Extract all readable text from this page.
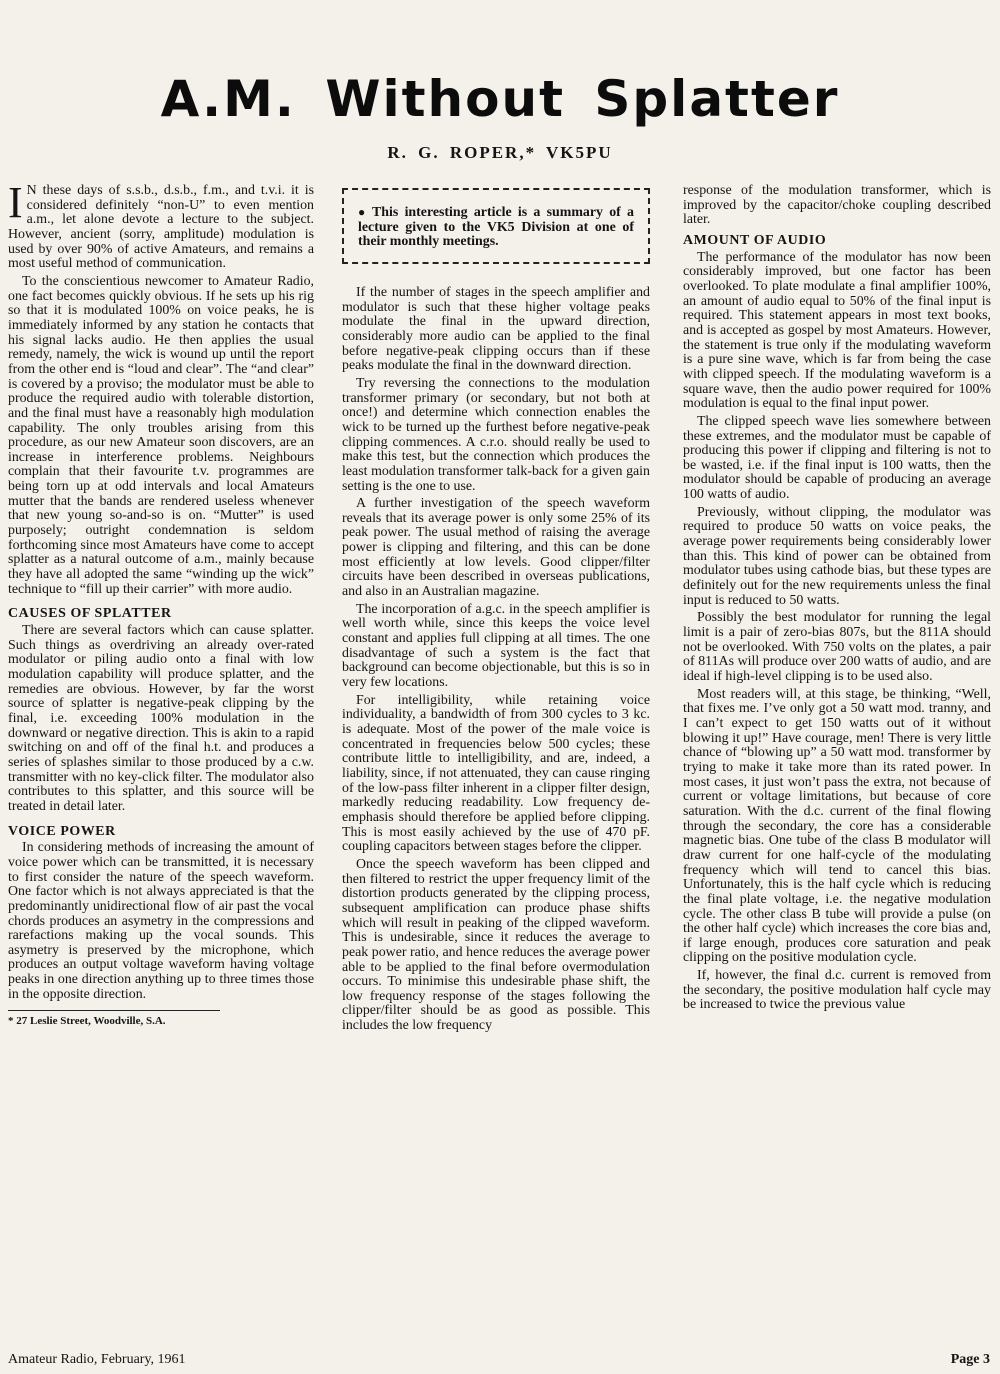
A.M. Without Splatter
R. G. ROPER,* VK5PU

I N these days of s.s.b., d.s.b., f.m., and t.v.i. it is considered definitely “non-U” to even mention a.m., let alone devote a lecture to the subject. However, ancient (sorry, amplitude) modulation is used by over 90% of active Amateurs, and remains a most useful method of communication.

To the conscientious newcomer to Amateur Radio, one fact becomes quickly obvious. If he sets up his rig so that it is modulated 100% on voice peaks, he is immediately informed by any station he contacts that his signal lacks audio. He then applies the usual remedy, namely, the wick is wound up until the report from the other end is “loud and clear”. The “and clear” is covered by a proviso; the modulator must be able to produce the required audio with tolerable distortion, and the final must have a reasonably high modulation capability. The only troubles arising from this procedure, as our new Amateur soon discovers, are an increase in interference problems. Neighbours complain that their favourite t.v. programmes are being torn up at odd intervals and local Amateurs mutter that the bands are rendered useless whenever that new young so-and-so is on. “Mutter” is used purposely; outright condemnation is seldom forthcoming since most Amateurs have come to accept splatter as a natural outcome of a.m., mainly because they have all adopted the same “winding up the wick” technique to “fill up their carrier” with more audio.

CAUSES OF SPLATTER

There are several factors which can cause splatter. Such things as overdriving an already over-rated modulator or piling audio onto a final with low modulation capability will produce splatter, and the remedies are obvious. However, by far the worst source of splatter is negative-peak clipping by the final, i.e. exceeding 100% modulation in the downward or negative direction. This is akin to a rapid switching on and off of the final h.t. and produces a series of splashes similar to those produced by a c.w. transmitter with no key-click filter. The modulator also contributes to this splatter, and this source will be treated in detail later.

VOICE POWER

In considering methods of increasing the amount of voice power which can be transmitted, it is necessary to first consider the nature of the speech waveform. One factor which is not always appreciated is that the predominantly unidirectional flow of air past the vocal chords produces an asymetry in the compressions and rarefactions making up the vocal sounds. This asymetry is preserved by the microphone, which produces an output voltage waveform having voltage peaks in one direction anything up to three times those in the opposite direction.

* 27 Leslie Street, Woodville, S.A.
● This interesting article is a summary of a lecture given to the VK5 Division at one of their monthly meetings.

If the number of stages in the speech amplifier and modulator is such that these higher voltage peaks modulate the final in the upward direction, considerably more audio can be applied to the final before negative-peak clipping occurs than if these peaks modulate the final in the downward direction.

Try reversing the connections to the modulation transformer primary (or secondary, but not both at once!) and determine which connection enables the wick to be turned up the furthest before negative-peak clipping commences. A c.r.o. should really be used to make this test, but the connection which produces the least modulation transformer talk-back for a given gain setting is the one to use.

A further investigation of the speech waveform reveals that its average power is only some 25% of its peak power. The usual method of raising the average power is clipping and filtering, and this can be done most efficiently at low levels. Good clipper/filter circuits have been described in overseas publications, and also in an Australian magazine.

The incorporation of a.g.c. in the speech amplifier is well worth while, since this keeps the voice level constant and applies full clipping at all times. The one disadvantage of such a system is the fact that background can become objectionable, but this is so in very few locations.

For intelligibility, while retaining voice individuality, a bandwidth of from 300 cycles to 3 kc. is adequate. Most of the power of the male voice is concentrated in frequencies below 500 cycles; these contribute little to intelligibility, and are, indeed, a liability, since, if not attenuated, they can cause ringing of the low-pass filter inherent in a clipper filter design, markedly reducing readability. Low frequency de-emphasis should therefore be applied before clipping. This is most easily achieved by the use of 470 pF. coupling capacitors between stages before the clipper.

Once the speech waveform has been clipped and then filtered to restrict the upper frequency limit of the distortion products generated by the clipping process, subsequent amplification can produce phase shifts which will result in peaking of the clipped waveform. This is undesirable, since it reduces the average to peak power ratio, and hence reduces the average power able to be applied to the final before overmodulation occurs. To minimise this undesirable phase shift, the low frequency response of the stages following the clipper/filter should be as good as possible. This includes the low frequency

response of the modulation transformer, which is improved by the capacitor/choke coupling described later.

AMOUNT OF AUDIO

The performance of the modulator has now been considerably improved, but one factor has been overlooked. To plate modulate a final amplifier 100%, an amount of audio equal to 50% of the final input is required. This statement appears in most text books, and is accepted as gospel by most Amateurs. However, the statement is true only if the modulating waveform is a pure sine wave, which is far from being the case with clipped speech. If the modulating waveform is a square wave, then the audio power required for 100% modulation is equal to the final input power.

The clipped speech wave lies somewhere between these extremes, and the modulator must be capable of producing this power if clipping and filtering is not to be wasted, i.e. if the final input is 100 watts, then the modulator should be capable of producing an average 100 watts of audio.

Previously, without clipping, the modulator was required to produce 50 watts on voice peaks, the average power requirements being considerably lower than this. This kind of power can be obtained from modulator tubes using cathode bias, but these types are definitely out for the new requirements unless the final input is reduced to 50 watts.

Possibly the best modulator for running the legal limit is a pair of zero-bias 807s, but the 811A should not be overlooked. With 750 volts on the plates, a pair of 811As will produce over 200 watts of audio, and are ideal if high-level clipping is to be used also.

Most readers will, at this stage, be thinking, “Well, that fixes me. I’ve only got a 50 watt mod. tranny, and I can’t expect to get 150 watts out of it without blowing it up!” Have courage, men! There is very little chance of “blowing up” a 50 watt mod. transformer by trying to make it take more than its rated power. In most cases, it just won’t pass the extra, not because of current or voltage limitations, but because of core saturation. With the d.c. current of the final flowing through the secondary, the core has a considerable magnetic bias. One tube of the class B modulator will draw current for one half-cycle of the modulating frequency which will tend to cancel this bias. Unfortunately, this is the half cycle which is reducing the final plate voltage, i.e. the negative modulation cycle. The other class B tube will provide a pulse (on the other half cycle) which increases the core bias and, if large enough, produces core saturation and peak clipping on the positive modulation cycle.

If, however, the final d.c. current is removed from the secondary, the positive modulation half cycle may be increased to twice the previous value

Amateur Radio, February, 1961	Page 3
